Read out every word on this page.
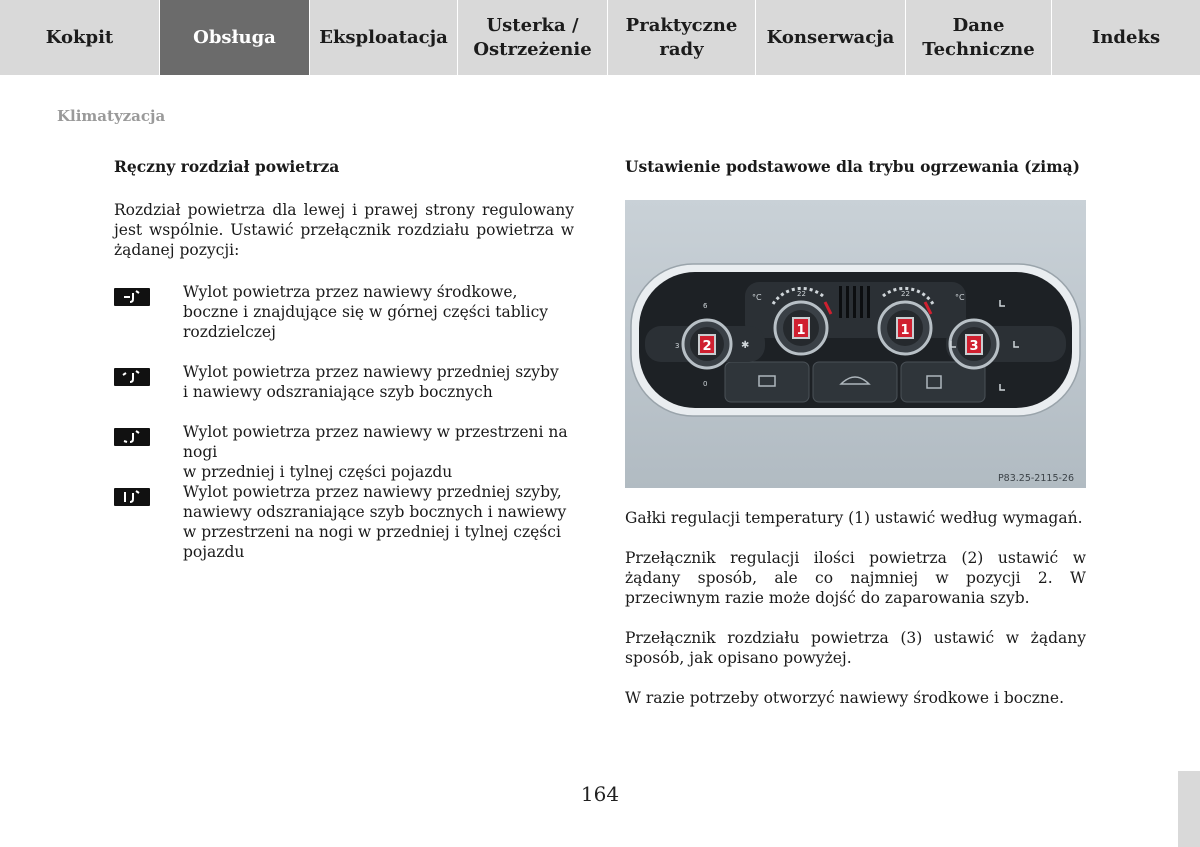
Kokpit	Obsługa	Eksploatacja
Usterka /
Ostrzeżenie
Praktyczne
rady
Konserwacja
Dane
Techniczne
Indeks
Klimatyzacja
Ręczny rozdział powietrza
Rozdział powietrza dla lewej i prawej strony regulowany jest wspólnie. Ustawić przełącznik rozdziału powietrza w żądanej pozycji:
Wylot powietrza przez nawiewy środkowe,
boczne i znajdujące się w górnej części tablicy
rozdzielczej
Wylot powietrza przez nawiewy przedniej szyby
i nawiewy odszraniające szyb bocznych
Wylot powietrza przez nawiewy w przestrzeni na nogi
w przedniej i tylnej części pojazdu
Wylot powietrza przez nawiewy przedniej szyby,
nawiewy odszraniające szyb bocznych i nawiewy
w przestrzeni na nogi w przedniej i tylnej części
pojazdu
Ustawienie podstawowe dla trybu ogrzewania (zimą)
2
1	1
3
°C	°C
22	22
6
3
0
✱
P83.25-2115-26
Gałki regulacji temperatury (1) ustawić według wymagań.
Przełącznik regulacji ilości powietrza (2) ustawić w żądany sposób, ale co najmniej w pozycji 2. W przeciwnym razie może dojść do zaparowania szyb.
Przełącznik rozdziału powietrza (3) ustawić w żądany sposób, jak opisano powyżej.
W razie potrzeby otworzyć nawiewy środkowe i boczne.
164
